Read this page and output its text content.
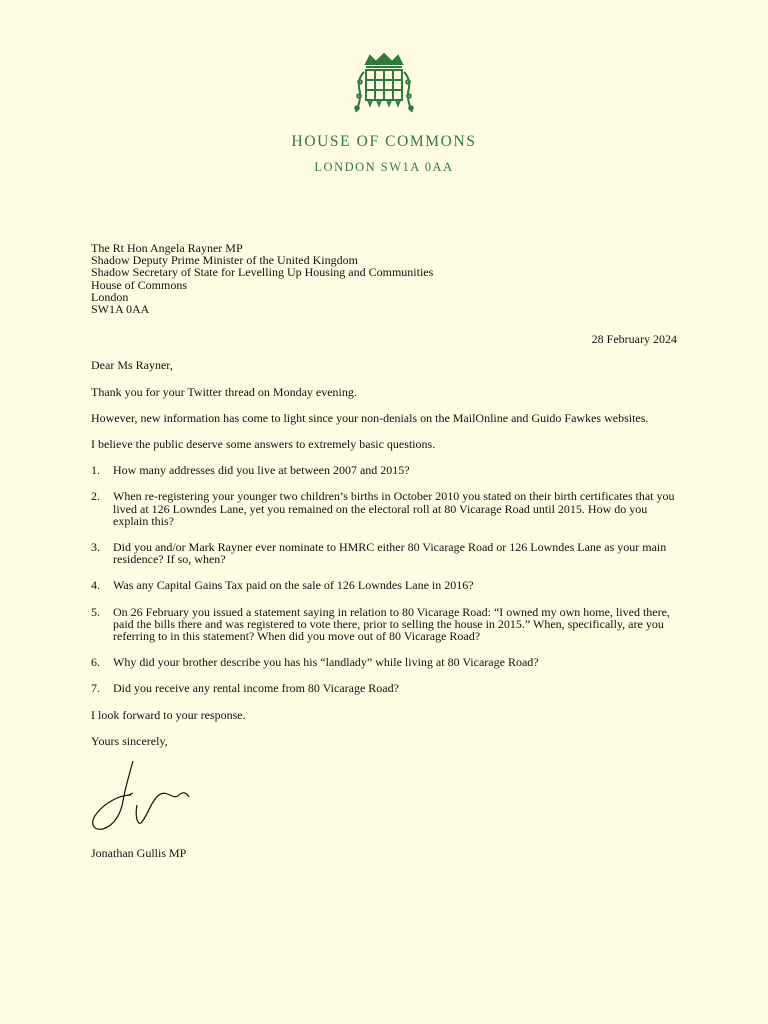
HOUSE OF COMMONS
LONDON SW1A 0AA
The Rt Hon Angela Rayner MP
Shadow Deputy Prime Minister of the United Kingdom
Shadow Secretary of State for Levelling Up Housing and Communities
House of Commons
London
SW1A 0AA
28 February 2024

Dear Ms Rayner,

Thank you for your Twitter thread on Monday evening.

However, new information has come to light since your non-denials on the MailOnline and Guido Fawkes websites.

I believe the public deserve some answers to extremely basic questions.

1.	How many addresses did you live at between 2007 and 2015?
2.	When re-registering your younger two children’s births in October 2010 you stated on their birth certificates that you lived at 126 Lowndes Lane, yet you remained on the electoral roll at 80 Vicarage Road until 2015. How do you explain this?
3.	Did you and/or Mark Rayner ever nominate to HMRC either 80 Vicarage Road or 126 Lowndes Lane as your main residence? If so, when?
4.	Was any Capital Gains Tax paid on the sale of 126 Lowndes Lane in 2016?
5.	On 26 February you issued a statement saying in relation to 80 Vicarage Road: “I owned my own home, lived there, paid the bills there and was registered to vote there, prior to selling the house in 2015.” When, specifically, are you referring to in this statement? When did you move out of 80 Vicarage Road?
6.	Why did your brother describe you has his “landlady” while living at 80 Vicarage Road?
7.	Did you receive any rental income from 80 Vicarage Road?

I look forward to your response.

Yours sincerely,

Jonathan Gullis MP
